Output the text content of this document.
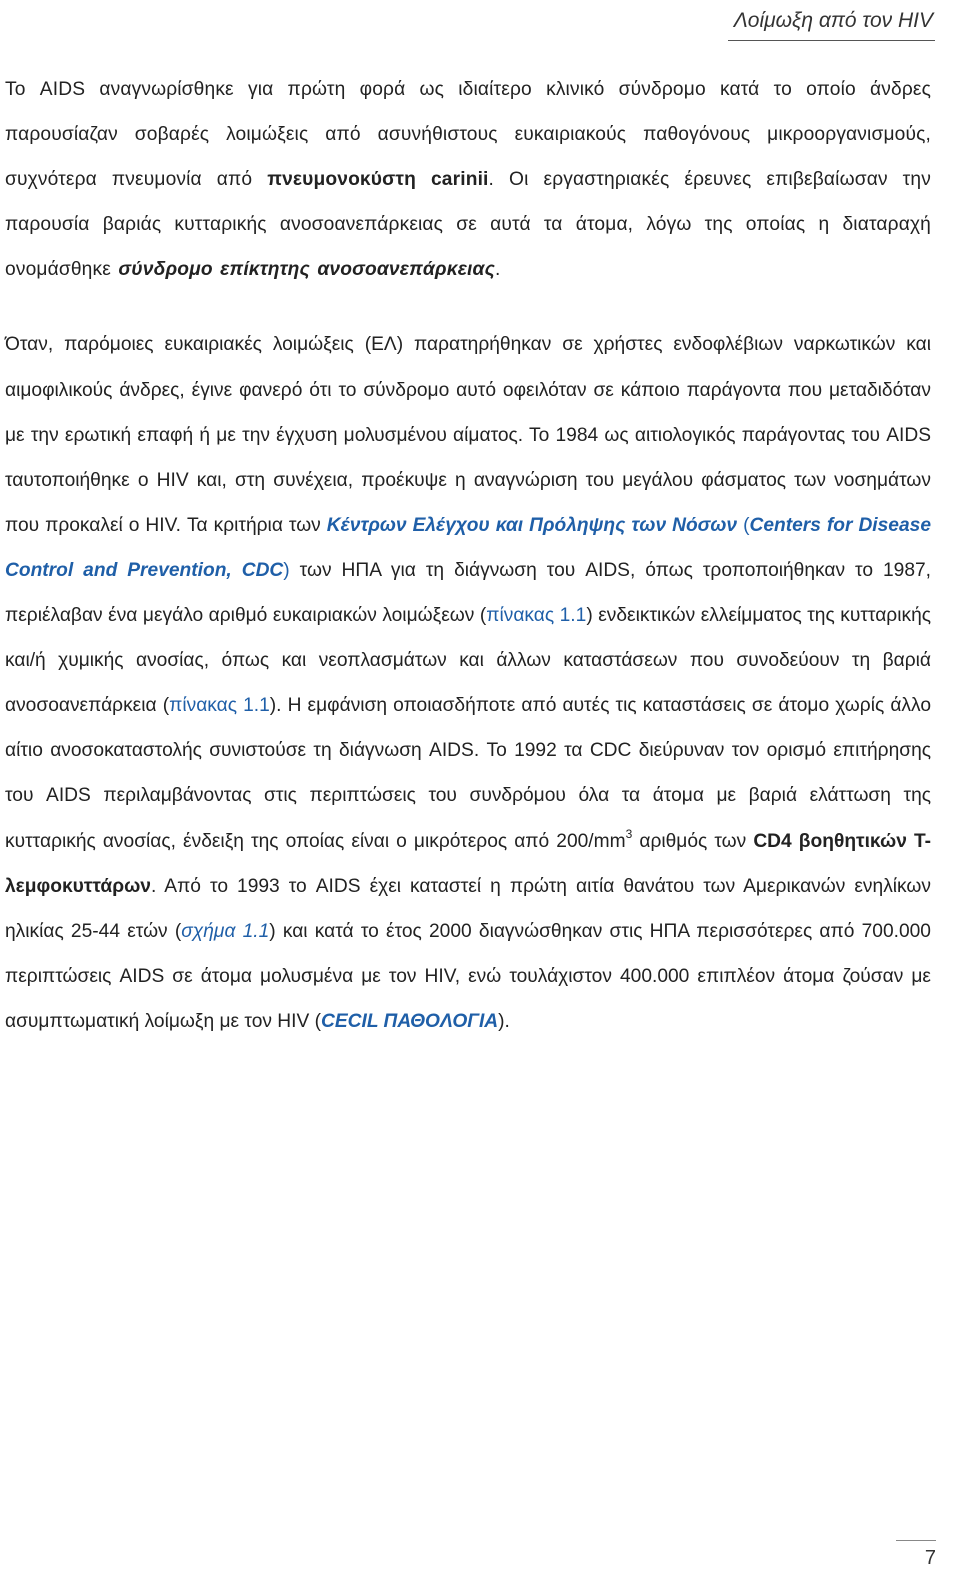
Λοίμωξη από τον HIV

Το AIDS αναγνωρίσθηκε για πρώτη φορά ως ιδιαίτερο κλινικό σύνδρομο κατά το οποίο άνδρες παρουσίαζαν σοβαρές λοιμώξεις από ασυνήθιστους ευκαιριακούς παθογόνους μικροοργανισμούς, συχνότερα πνευμονία από πνευμονοκύστη carinii. Οι εργαστηριακές έρευνες επιβεβαίωσαν την παρουσία βαριάς κυτταρικής ανοσοανεπάρκειας σε αυτά τα άτομα, λόγω της οποίας η διαταραχή ονομάσθηκε σύνδρομο επίκτητης ανοσοανεπάρκειας.

Όταν, παρόμοιες ευκαιριακές λοιμώξεις (ΕΛ) παρατηρήθηκαν σε χρήστες ενδοφλέβιων ναρκωτικών και αιμοφιλικούς άνδρες, έγινε φανερό ότι το σύνδρομο αυτό οφειλόταν σε κάποιο παράγοντα που μεταδιδόταν με την ερωτική επαφή ή με την έγχυση μολυσμένου αίματος. Το 1984 ως αιτιολογικός παράγοντας του AIDS ταυτοποιήθηκε ο HIV και, στη συνέχεια, προέκυψε η αναγνώριση του μεγάλου φάσματος των νοσημάτων που προκαλεί ο HIV. Τα κριτήρια των Κέντρων Ελέγχου και Πρόληψης των Νόσων (Centers for Disease Control and Prevention, CDC) των ΗΠΑ για τη διάγνωση του AIDS, όπως τροποποιήθηκαν το 1987, περιέλαβαν ένα μεγάλο αριθμό ευκαιριακών λοιμώξεων (πίνακας 1.1) ενδεικτικών ελλείμματος της κυτταρικής και/ή χυμικής ανοσίας, όπως και νεοπλασμάτων και άλλων καταστάσεων που συνοδεύουν τη βαριά ανοσοανεπάρκεια (πίνακας 1.1). Η εμφάνιση οποιασδήποτε από αυτές τις καταστάσεις σε άτομο χωρίς άλλο αίτιο ανοσοκαταστολής συνιστούσε τη διάγνωση AIDS. Το 1992 τα CDC διεύρυναν τον ορισμό επιτήρησης του AIDS περιλαμβάνοντας στις περιπτώσεις του συνδρόμου όλα τα άτομα με βαριά ελάττωση της κυτταρικής ανοσίας, ένδειξη της οποίας είναι ο μικρότερος από $200/mm^3$ αριθμός των CD4 βοηθητικών Τ-λεμφοκυττάρων. Από το 1993 το AIDS έχει καταστεί η πρώτη αιτία θανάτου των Αμερικανών ενηλίκων ηλικίας 25-44 ετών (σχήμα 1.1) και κατά το έτος 2000 διαγνώσθηκαν στις ΗΠΑ περισσότερες από 700.000 περιπτώσεις AIDS σε άτομα μολυσμένα με τον HIV, ενώ τουλάχιστον 400.000 επιπλέον άτομα ζούσαν με ασυμπτωματική λοίμωξη με τον HIV (CECIL ΠΑΘΟΛΟΓΙΑ).

7
